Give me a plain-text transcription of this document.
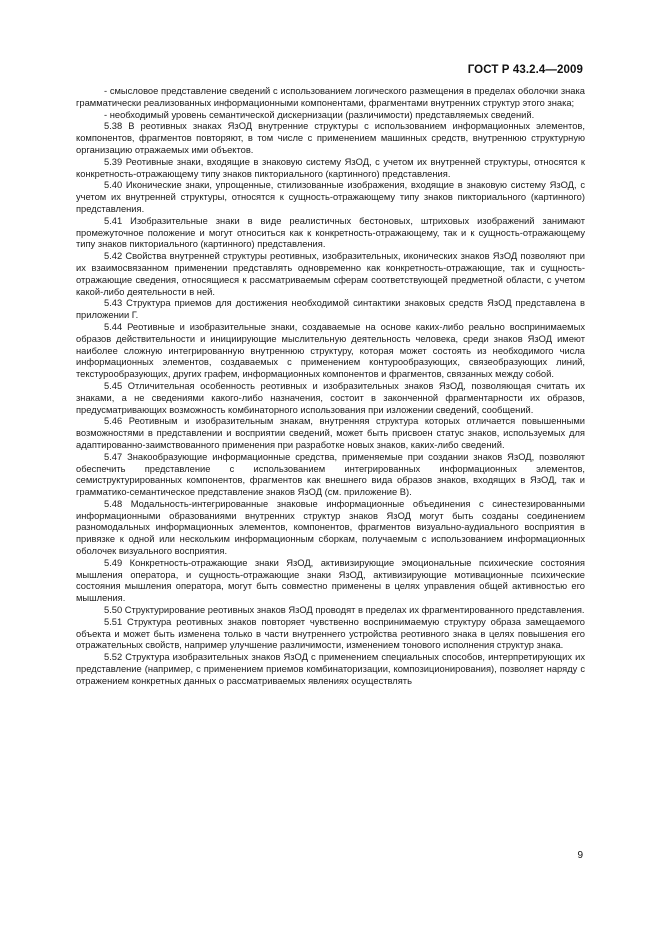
ГОСТ Р 43.2.4—2009

- смысловое представление сведений с использованием логического размещения в пределах оболочки знака грамматически реализованных информационными компонентами, фрагментами внутренних структур этого знака;

- необходимый уровень семантической дискернизации (различимости) представляемых сведений.

5.38 В реотивных знаках ЯзОД внутренние структуры с использованием информационных элементов, компонентов, фрагментов повторяют, в том числе с применением машинных средств, внутреннюю структурную организацию отражаемых ими объектов.

5.39 Реотивные знаки, входящие в знаковую систему ЯзОД, с учетом их внутренней структуры, относятся к конкретность-отражающему типу знаков пикториального (картинного) представления.

5.40 Иконические знаки, упрощенные, стилизованные изображения, входящие в знаковую систему ЯзОД, с учетом их внутренней структуры, относятся к сущность-отражающему типу знаков пикториального (картинного) представления.

5.41 Изобразительные знаки в виде реалистичных бестоновых, штриховых изображений занимают промежуточное положение и могут относиться как к конкретность-отражающему, так и к сущность-отражающему типу знаков пикториального (картинного) представления.

5.42 Свойства внутренней структуры реотивных, изобразительных, иконических знаков ЯзОД позволяют при их взаимосвязанном применении представлять одновременно как конкретность-отражающие, так и сущность-отражающие сведения, относящиеся к рассматриваемым сферам соответствующей предметной области, с учетом какой-либо деятельности в ней.

5.43 Структура приемов для достижения необходимой синтактики знаковых средств ЯзОД представлена в приложении Г.

5.44 Реотивные и изобразительные знаки, создаваемые на основе каких-либо реально воспринимаемых образов действительности и инициирующие мыслительную деятельность человека, среди знаков ЯзОД имеют наиболее сложную интегрированную внутреннюю структуру, которая может состоять из необходимого числа информационных элементов, создаваемых с применением контурообразующих, связеобразующих линий, текстурообразующих, других графем, информационных компонентов и фрагментов, связанных между собой.

5.45 Отличительная особенность реотивных и изобразительных знаков ЯзОД, позволяющая считать их знаками, а не сведениями какого-либо назначения, состоит в законченной фрагментарности их образов, предусматривающих возможность комбинаторного использования при изложении сведений, сообщений.

5.46 Реотивным и изобразительным знакам, внутренняя структура которых отличается повышенными возможностями в представлении и восприятии сведений, может быть присвоен статус знаков, используемых для адаптированно-заимствованного применения при разработке новых знаков, каких-либо сведений.

5.47 Знакообразующие информационные средства, применяемые при создании знаков ЯзОД, позволяют обеспечить представление с использованием интегрированных информационных элементов, семиструктурированных компонентов, фрагментов как внешнего вида образов знаков, входящих в ЯзОД, так и грамматико-семантическое представление знаков ЯзОД (см. приложение В).

5.48 Модальность-интегрированные знаковые информационные объединения с синестезированными информационными образованиями внутренних структур знаков ЯзОД могут быть созданы соединением разномодальных информационных элементов, компонентов, фрагментов визуально-аудиального восприятия в привязке к одной или нескольким информационным сборкам, получаемым с использованием информационных оболочек визуального восприятия.

5.49 Конкретность-отражающие знаки ЯзОД, активизирующие эмоциональные психические состояния мышления оператора, и сущность-отражающие знаки ЯзОД, активизирующие мотивационные психические состояния мышления оператора, могут быть совместно применены в целях управления общей активностью его мышления.

5.50 Структурирование реотивных знаков ЯзОД проводят в пределах их фрагментированного представления.

5.51 Структура реотивных знаков повторяет чувственно воспринимаемую структуру образа замещаемого объекта и может быть изменена только в части внутреннего устройства реотивного знака в целях повышения его отражательных свойств, например улучшение различимости, изменением тонового исполнения структур знака.

5.52 Структура изобразительных знаков ЯзОД с применением специальных способов, интерпретирующих их представление (например, с применением приемов комбинаторизации, композиционирования), позволяет наряду с отражением конкретных данных о рассматриваемых явлениях осуществлять

9
